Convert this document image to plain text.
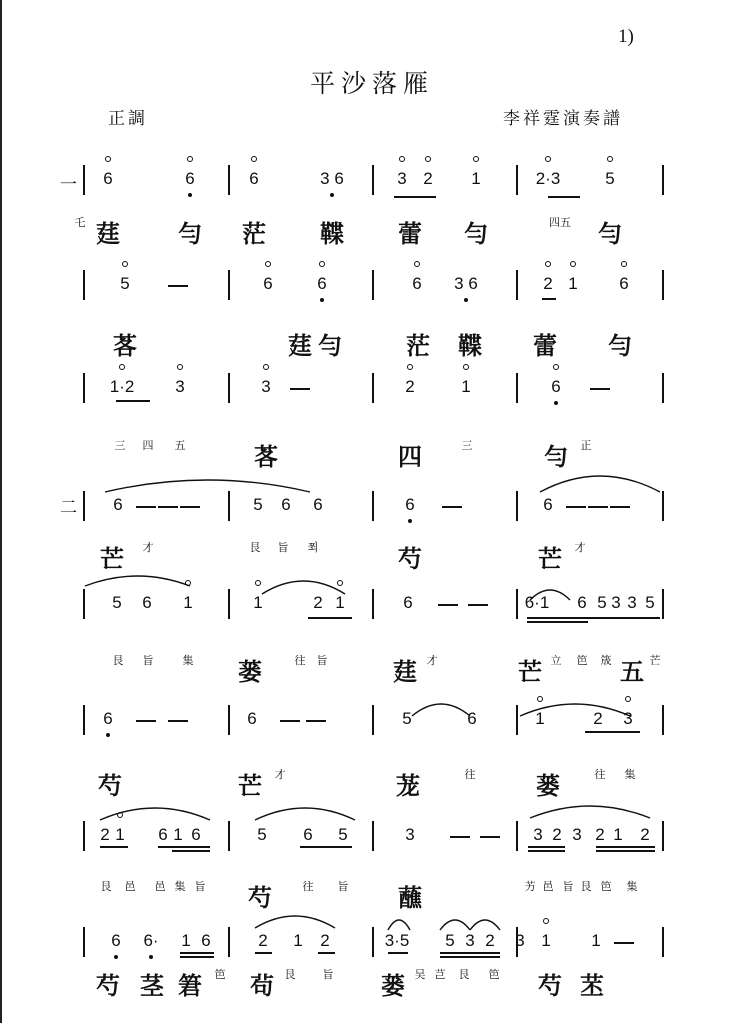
1)
平沙落雁
正調	李祥霆演奏譜
一
二
6	6	6	3 6	3 2 1	2·3	5
乇 莛 勻 茫 鞢 蕾 勻	四五 勻
5	6	6	6 3 6	2 1 6
茖	莛 勻	茫 鞢 蕾 勻
1·2 3	3	2	1	6
三 四 五	茖	四	三	勻 正
6	5 6 6	6	6
芒 才	艮 旨 쬐	芍	芒 才
5 6 1	1	2 1	6	6·1 6 5 3 3 5
艮 旨	集 蒌	往 旨	莛 才	芒 立 笆 筬 五 芒
6	6	5	6	1	2 3
芍	芒 才	茏	往	蒌	往 集
2 1 6 1 6	5 6 5	3	3 2 3 2 1 2
艮 邑 邑 集 旨 芍	往 旨 蘸	艻 邑 旨 艮 笆 集
6 6· 1 6	2 1 2	3·5 5 3 2 3 1 1
芍 茎 䇹 笆 茍 艮 旨 蒌 吴 芑 艮 笆 芍 苤
